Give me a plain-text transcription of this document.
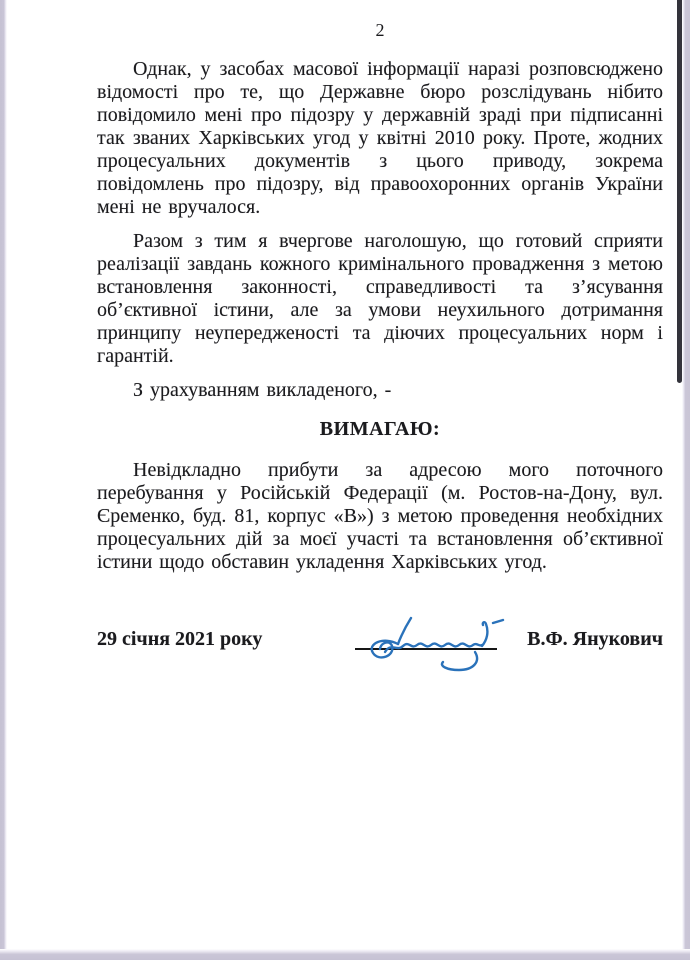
2

Однак, у засобах масової інформації наразі розповсюджено відомості про те, що Державне бюро розслідувань нібито повідомило мені про підозру у державній зраді при підписанні так званих Харківських угод у квітні 2010 року. Проте, жодних процесуальних документів з цього приводу, зокрема повідомлень про підозру, від правоохоронних органів України мені не вручалося.

Разом з тим я вчергове наголошую, що готовий сприяти реалізації завдань кожного кримінального провадження з метою встановлення законності, справедливості та з’ясування об’єктивної істини, але за умови неухильного дотримання принципу неупередженості та діючих процесуальних норм і гарантій.

З урахуванням викладеного, -

ВИМАГАЮ:

Невідкладно прибути за адресою мого поточного перебування у Російській Федерації (м. Ростов-на-Дону, вул. Єременко, буд. 81, корпус «В») з метою проведення необхідних процесуальних дій за моєї участі та встановлення об’єктивної істини щодо обставин укладення Харківських угод.

29 січня 2021 року	В.Ф. Янукович
